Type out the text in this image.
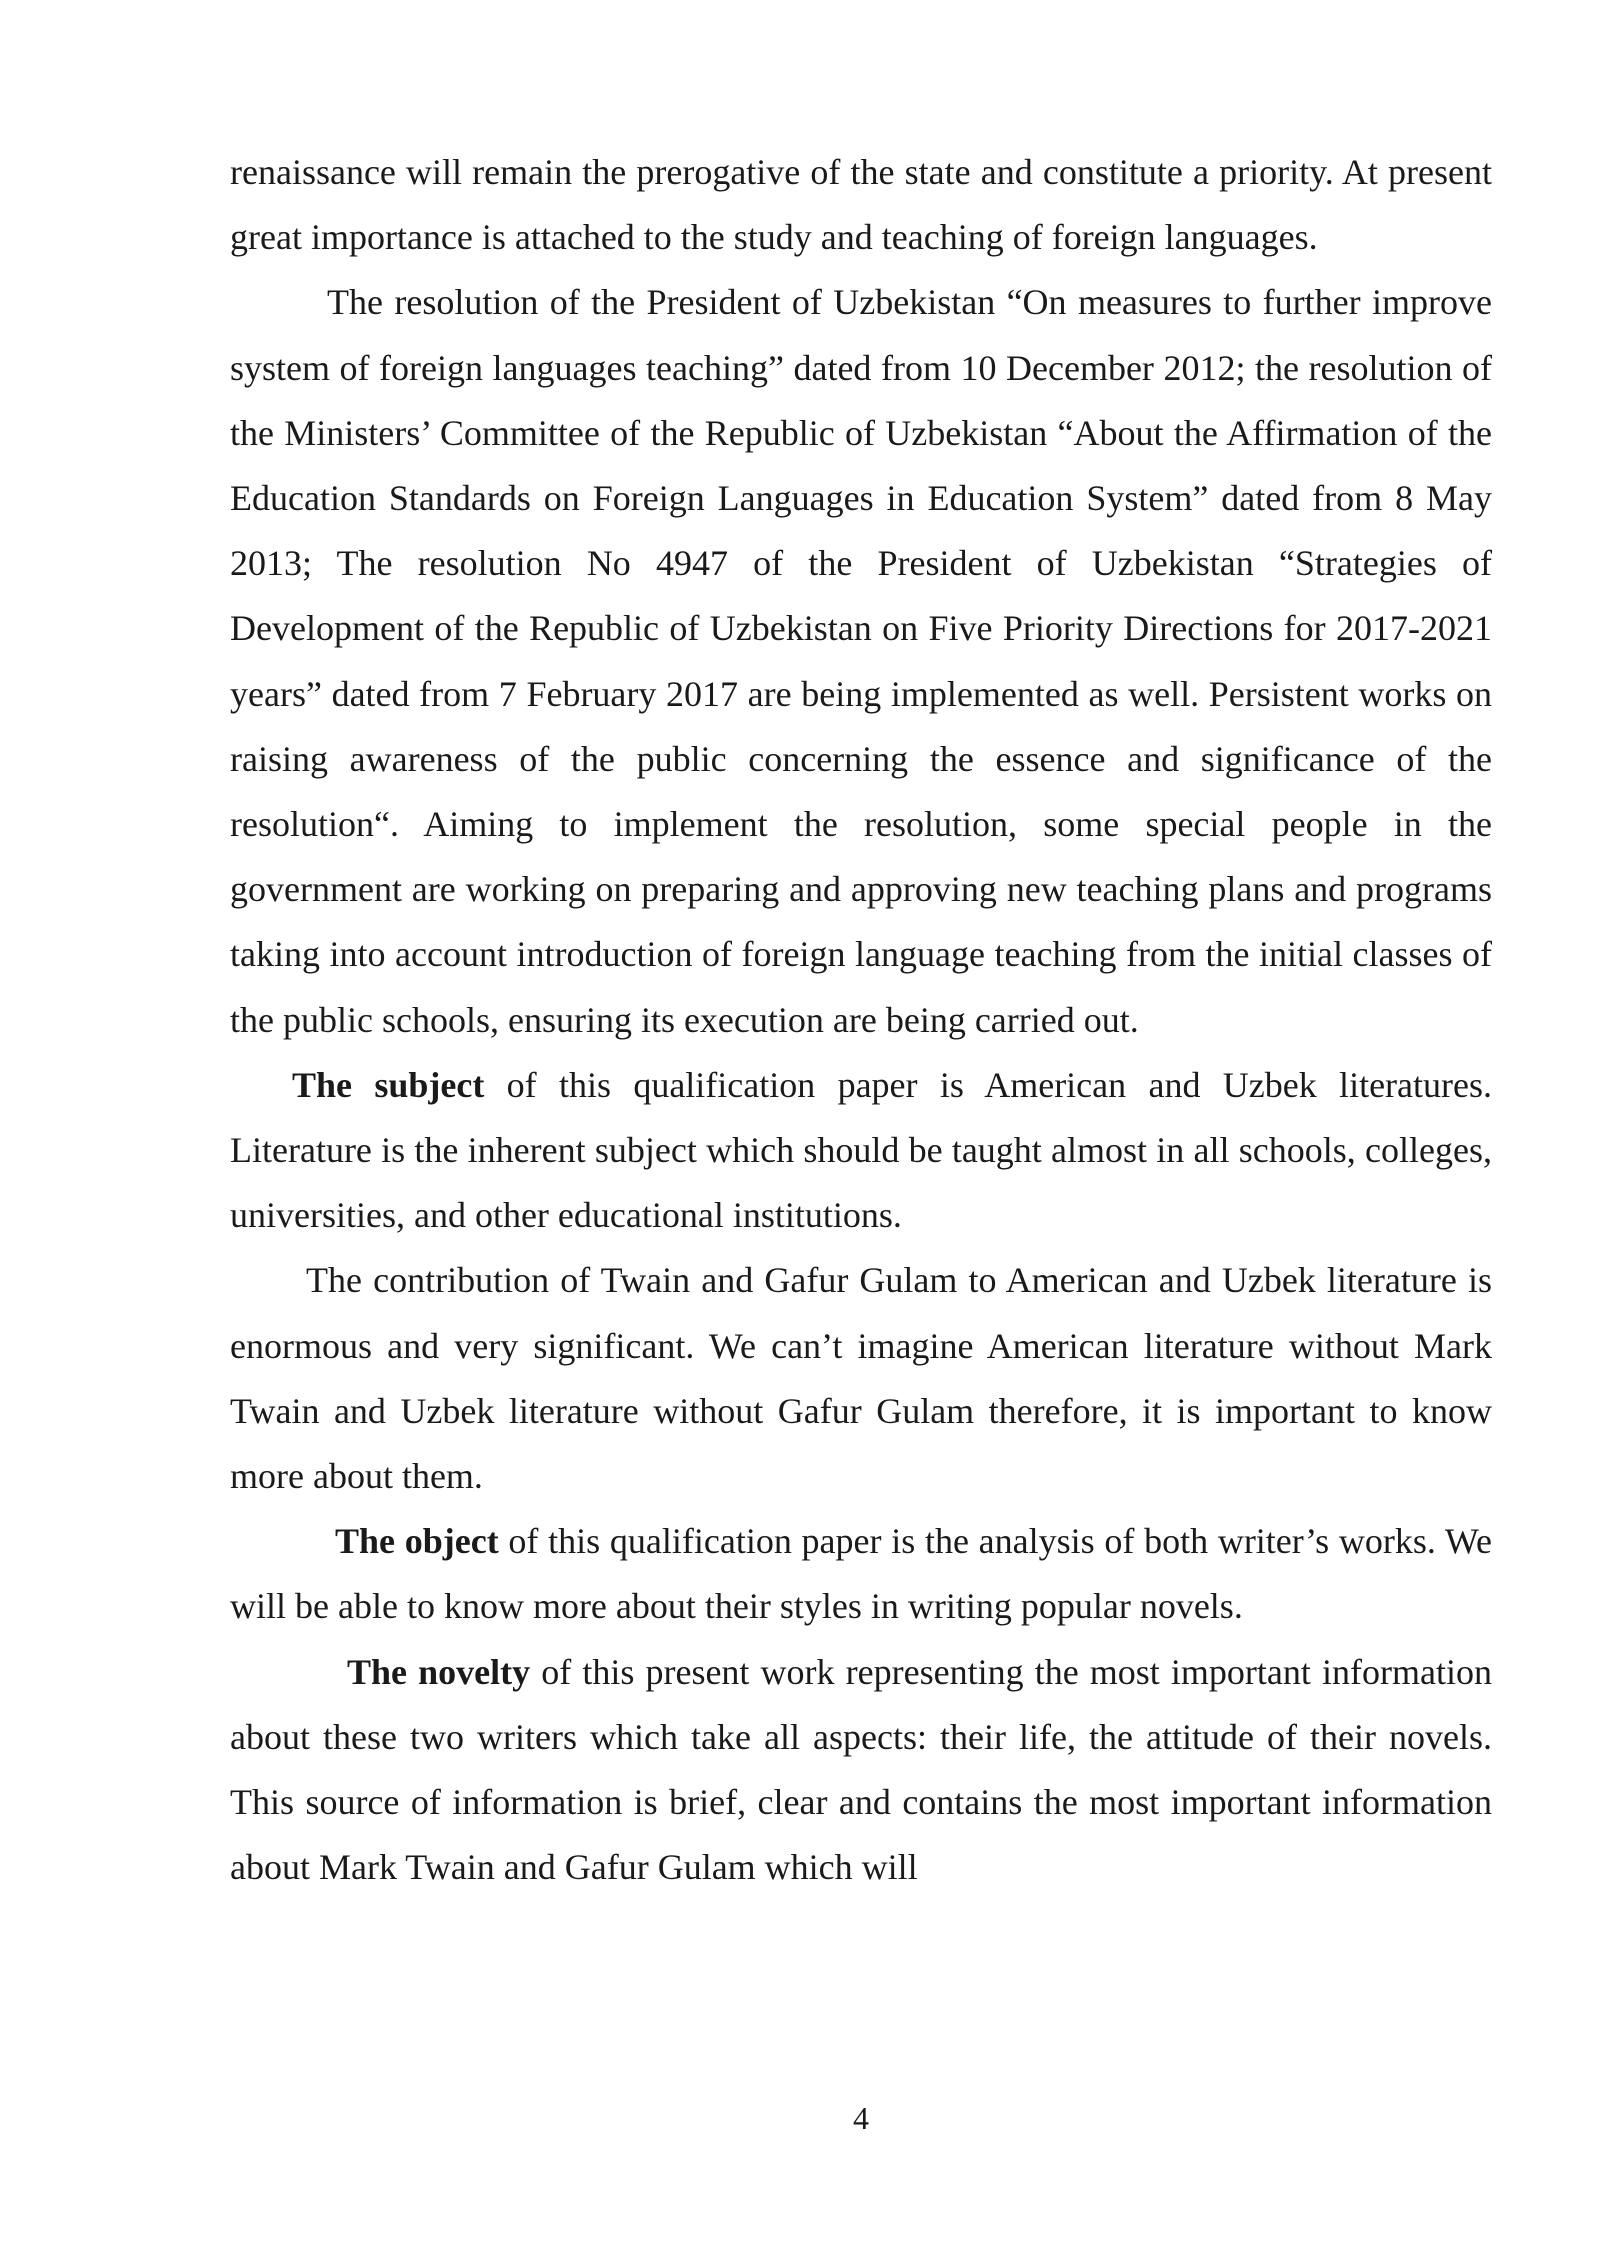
renaissance will remain the prerogative of the state and constitute a priority. At present great importance is attached to the study and teaching of foreign languages.

The resolution of the President of Uzbekistan “On measures to further improve system of foreign languages teaching” dated from 10 December 2012; the resolution of the Ministers’ Committee of the Republic of Uzbekistan “About the Affirmation of the Education Standards on Foreign Languages in Education System” dated from 8 May 2013; The resolution No 4947 of the President of Uzbekistan “Strategies of Development of the Republic of Uzbekistan on Five Priority Directions for 2017-2021 years” dated from 7 February 2017 are being implemented as well. Persistent works on raising awareness of the public concerning the essence and significance of the resolution“. Aiming to implement the resolution, some special people in the government are working on preparing and approving new teaching plans and programs taking into account introduction of foreign language teaching from the initial classes of the public schools, ensuring its execution are being carried out.

The subject of this qualification paper is American and Uzbek literatures. Literature is the inherent subject which should be taught almost in all schools, colleges, universities, and other educational institutions.

The contribution of Twain and Gafur Gulam to American and Uzbek literature is enormous and very significant. We can’t imagine American literature without Mark Twain and Uzbek literature without Gafur Gulam therefore, it is important to know more about them.

The object of this qualification paper is the analysis of both writer’s works. We will be able to know more about their styles in writing popular novels.

The novelty of this present work representing the most important information about these two writers which take all aspects: their life, the attitude of their novels. This source of information is brief, clear and contains the most important information about Mark Twain and Gafur Gulam which will

4
